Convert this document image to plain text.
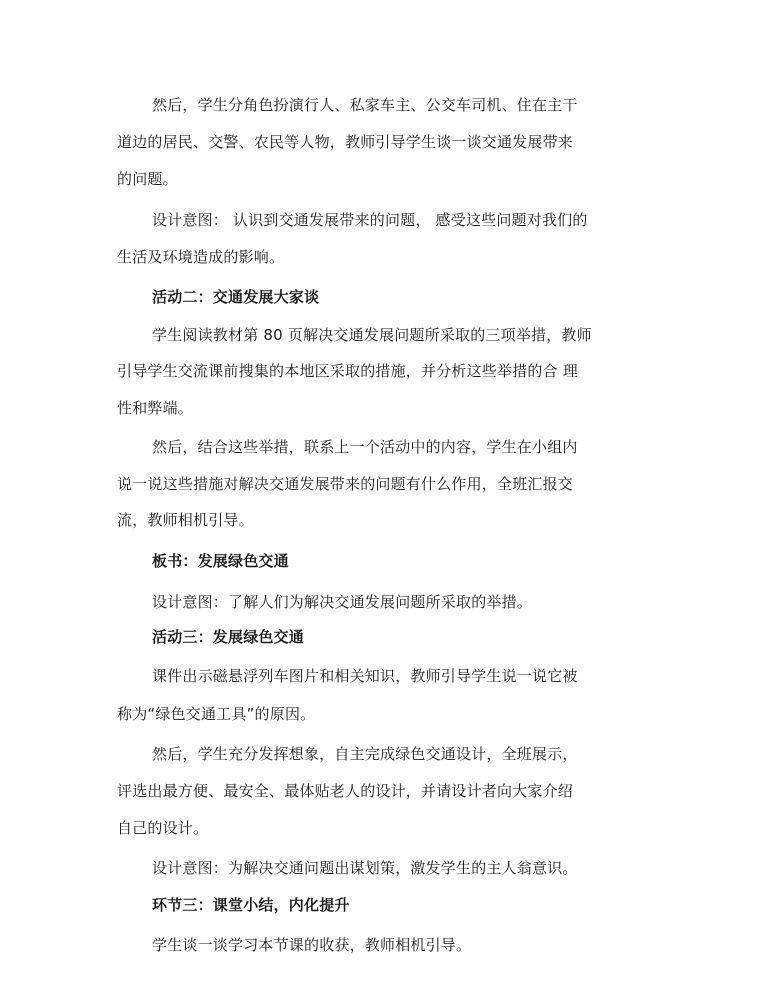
然后，学生分角色扮演行人、私家车主、公交车司机、住在主干
道边的居民、交警、农民等人物，教师引导学生谈一谈交通发展带来
的问题。
设计意图： 认识到交通发展带来的问题， 感受这些问题对我们的
生活及环境造成的影响。
活动二：交通发展大家谈
学生阅读教材第 80 页解决交通发展问题所采取的三项举措，教师
引导学生交流课前搜集的本地区采取的措施，并分析这些举措的合 理
性和弊端。
然后，结合这些举措，联系上一个活动中的内容，学生在小组内
说一说这些措施对解决交通发展带来的问题有什么作用，全班汇报交
流，教师相机引导。
板书：发展绿色交通
设计意图：了解人们为解决交通发展问题所采取的举措。
活动三：发展绿色交通
课件出示磁悬浮列车图片和相关知识，教师引导学生说一说它被
称为“绿色交通工具”的原因。
然后，学生充分发挥想象，自主完成绿色交通设计，全班展示，
评选出最方便、最安全、最体贴老人的设计，并请设计者向大家介绍
自己的设计。
设计意图：为解决交通问题出谋划策，激发学生的主人翁意识。
环节三：课堂小结，内化提升
学生谈一谈学习本节课的收获，教师相机引导。
